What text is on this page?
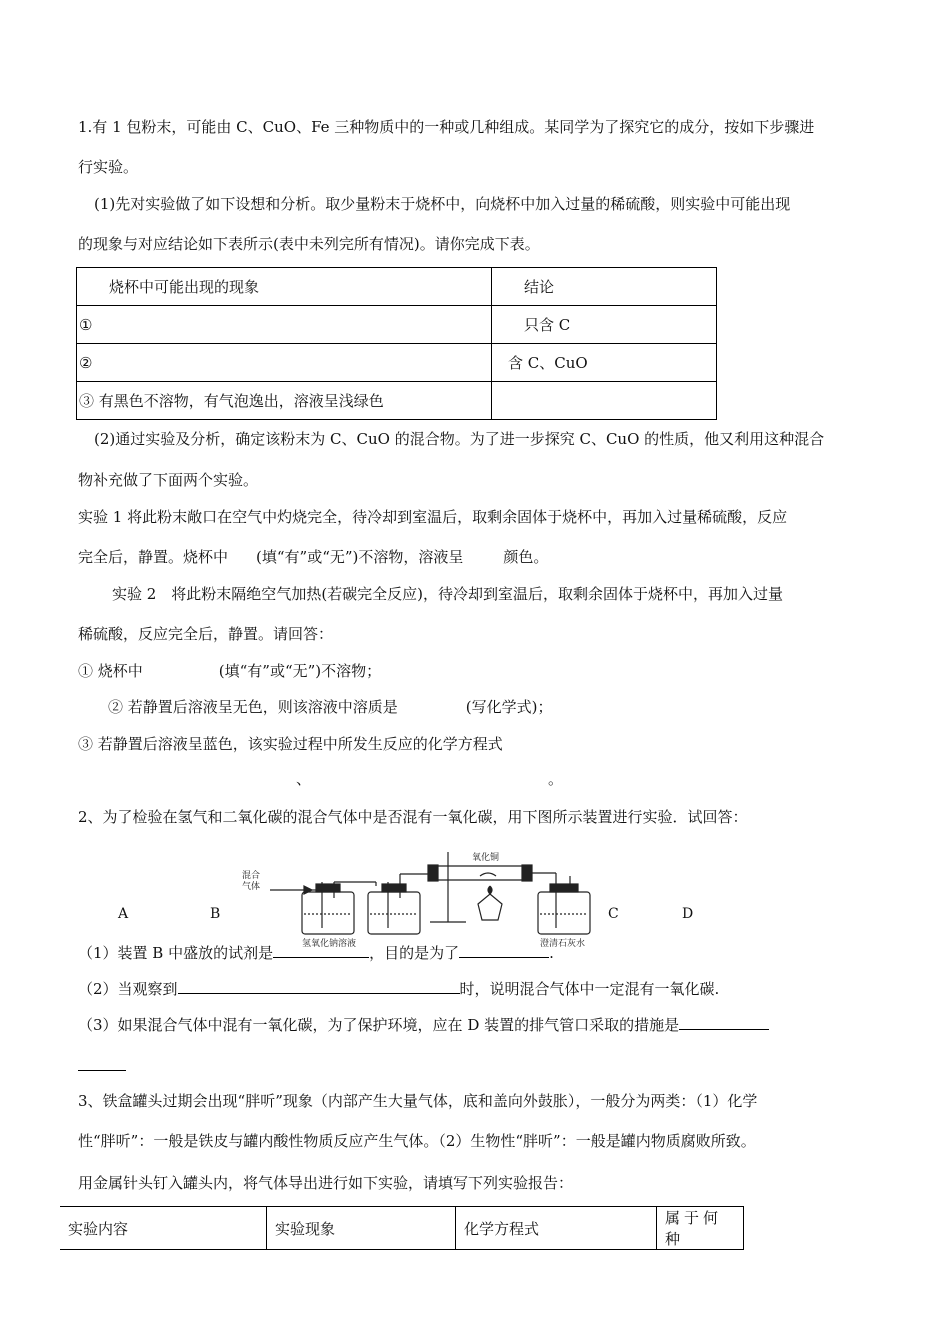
1.有 1 包粉末，可能由 C、CuO、Fe 三种物质中的一种或几种组成。某同学为了探究它的成分，按如下步骤进
行实验。
(1)先对实验做了如下设想和分析。取少量粉末于烧杯中，向烧杯中加入过量的稀硫酸，则实验中可能出现
的现象与对应结论如下表所示(表中未列完所有情况)。请你完成下表。
烧杯中可能出现的现象	结论
①	只含 C
②	含 C、CuO
③ 有黑色不溶物，有气泡逸出，溶液呈浅绿色	
(2)通过实验及分析，确定该粉末为 C、CuO 的混合物。为了进一步探究 C、CuO 的性质，他又利用这种混合
物补充做了下面两个实验。
实验 1 将此粉末敞口在空气中灼烧完全，待冷却到室温后，取剩余固体于烧杯中，再加入过量稀硫酸，反应
完全后，静置。烧杯中 (填“有”或“无”)不溶物，溶液呈	颜色。
实验 2　将此粉末隔绝空气加热(若碳完全反应)，待冷却到室温后，取剩余固体于烧杯中，再加入过量
稀硫酸，反应完全后，静置。请回答：
① 烧杯中	(填“有”或“无”)不溶物；
② 若静置后溶液呈无色，则该溶液中溶质是	(写化学式)；
③ 若静置后溶液呈蓝色，该实验过程中所发生反应的化学方程式
、	。
2、为了检验在氢气和二氧化碳的混合气体中是否混有一氧化碳，用下图所示装置进行实验．试回答：
混合
气体
氧化铜
氢氧化钠溶液	澄清石灰水
A	B	C	D
（1）装置 B 中盛放的试剂是	，目的是为了	.
（2）当观察到	时，说明混合气体中一定混有一氧化碳.
（3）如果混合气体中混有一氧化碳，为了保护环境，应在 D 装置的排气管口采取的措施是
3、铁盒罐头过期会出现“胖听”现象（内部产生大量气体，底和盖向外鼓胀），一般分为两类：（1）化学
性“胖听”：一般是铁皮与罐内酸性物质反应产生气体。（2）生物性“胖听”：一般是罐内物质腐败所致。
用金属针头钉入罐头内，将气体导出进行如下实验，请填写下列实验报告：
实验内容	实验现象	化学方程式	属于何种
